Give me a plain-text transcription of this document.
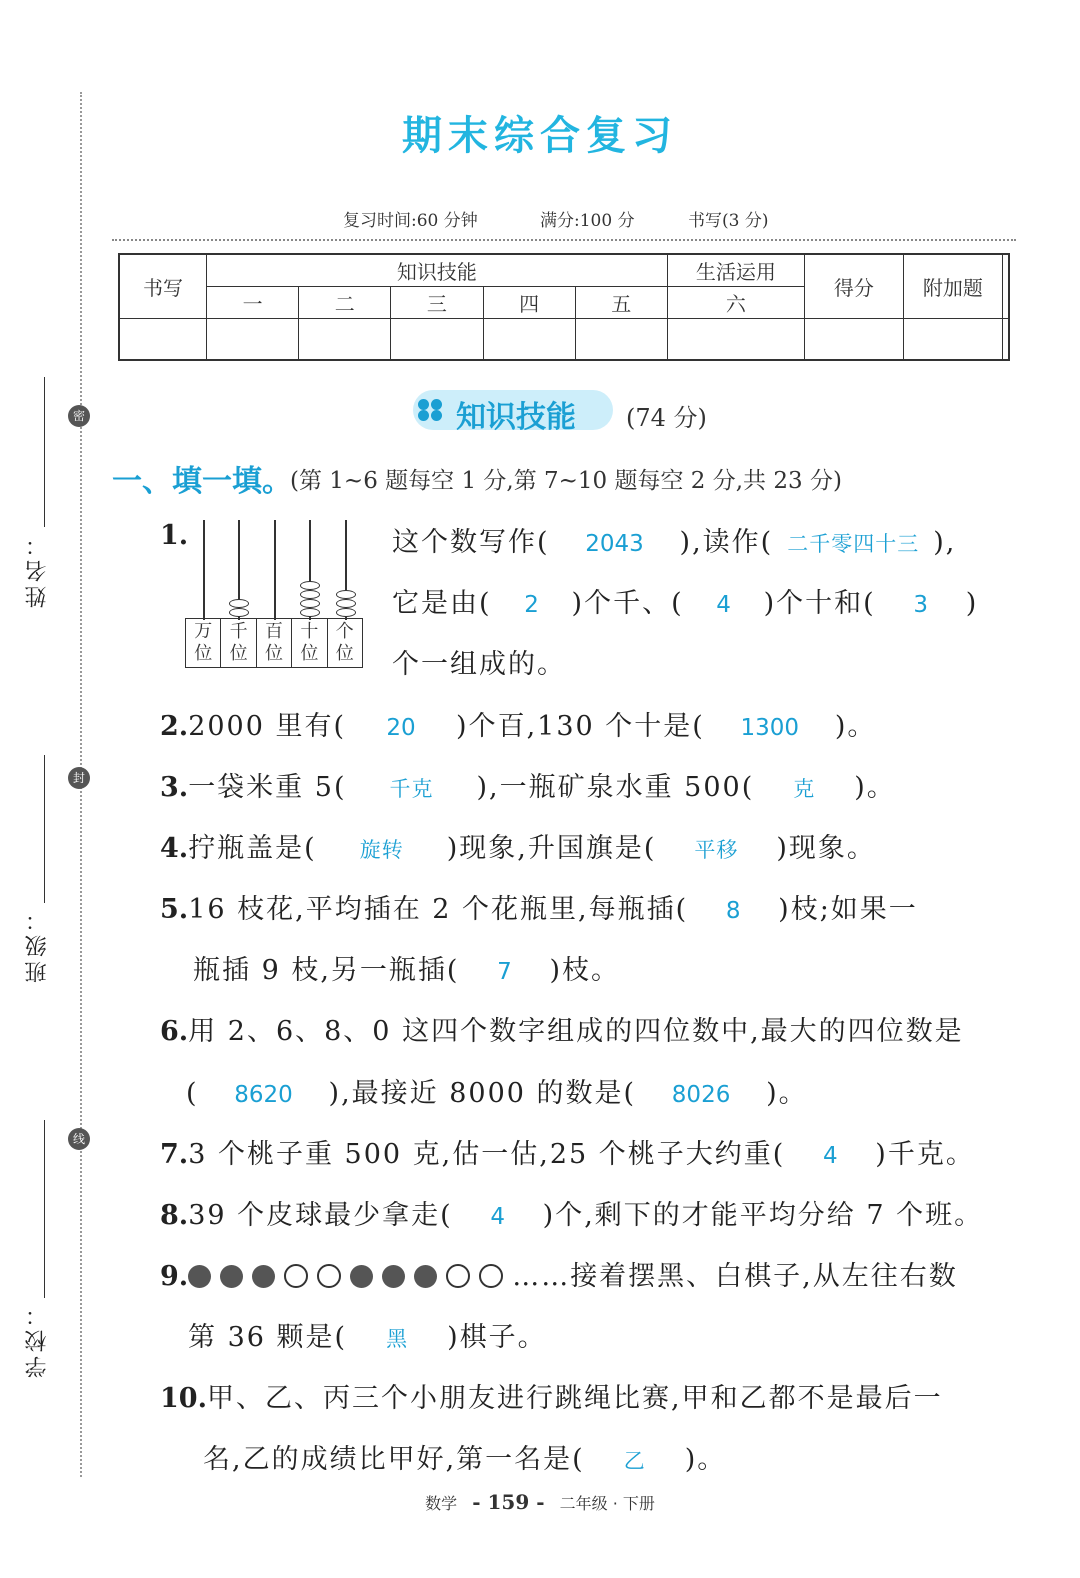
密
封
线
姓名：
班级：
学校：
期末综合复习
复习时间:60 分钟	满分:100 分	书写(3 分)
书写	知识技能					生活运用	得分	附加题	
	一	二	三	四	五	六			

知识技能 (74 分)
一、填一填。
(第 1~6 题每空 1 分,第 7~10 题每空 2 分,共 23 分)
1.
万
位

千
位

百
位

十
位

个
位
这个数写作( 2043 ),读作( 二千零四十三 ),
它是由( 2 )个千、( 4 )个十和( 3 )
个一组成的。
2.2000 里有( 20 )个百,130 个十是( 1300 )。
3.一袋米重 5( 千克 ),一瓶矿泉水重 500( 克 )。
4.拧瓶盖是( 旋转 )现象,升国旗是( 平移 )现象。
5.16 枝花,平均插在 2 个花瓶里,每瓶插( 8 )枝;如果一
瓶插 9 枝,另一瓶插( 7 )枝。
6.用 2、6、8、0 这四个数字组成的四位数中,最大的四位数是
( 8620 ),最接近 8000 的数是( 8026 )。
7.3 个桃子重 500 克,估一估,25 个桃子大约重( 4 )千克。
8.39 个皮球最少拿走( 4 )个,剩下的才能平均分给 7 个班。
9.	……接着摆黑、白棋子,从左往右数
第 36 颗是( 黑 )棋子。
10.甲、乙、丙三个小朋友进行跳绳比赛,甲和乙都不是最后一
名,乙的成绩比甲好,第一名是( 乙 )。
数学 - 159 - 二年级 · 下册
